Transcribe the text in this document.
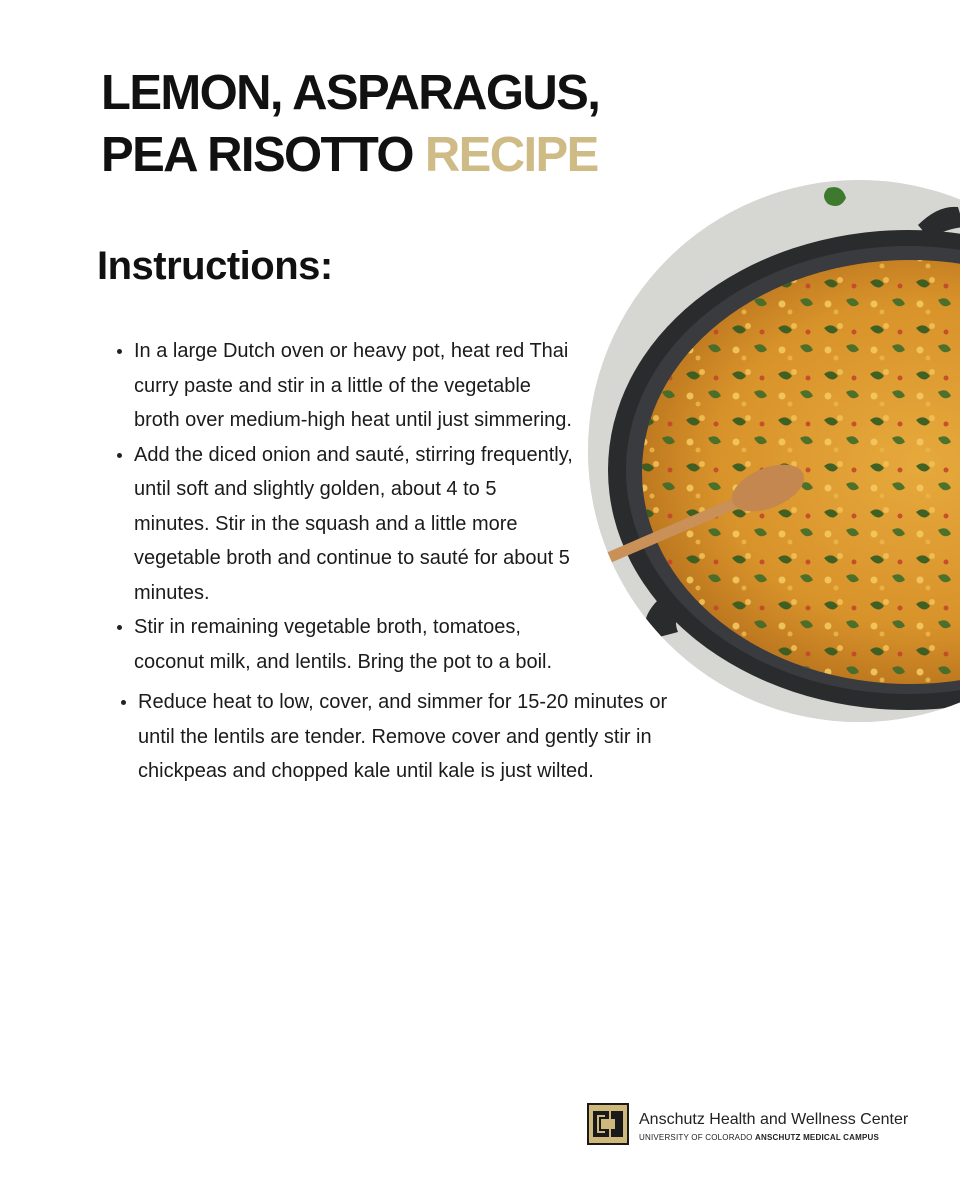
LEMON, ASPARAGUS,
PEA RISOTTO RECIPE
Instructions:
In a large Dutch oven or heavy pot, heat red Thai curry paste and stir in a little of the vegetable broth over medium-high heat until just simmering.
Add the diced onion and sauté, stirring frequently, until soft and slightly golden, about 4 to 5 minutes. Stir in the squash and a little more vegetable broth and continue to sauté for about 5 minutes.
Stir in remaining vegetable broth, tomatoes, coconut milk, and lentils. Bring the pot to a boil.
Reduce heat to low, cover, and simmer for 15-20 minutes or until the lentils are tender. Remove cover and gently stir in chickpeas and chopped kale until kale is just wilted.
Anschutz Health and Wellness Center
UNIVERSITY OF COLORADO ANSCHUTZ MEDICAL CAMPUS
